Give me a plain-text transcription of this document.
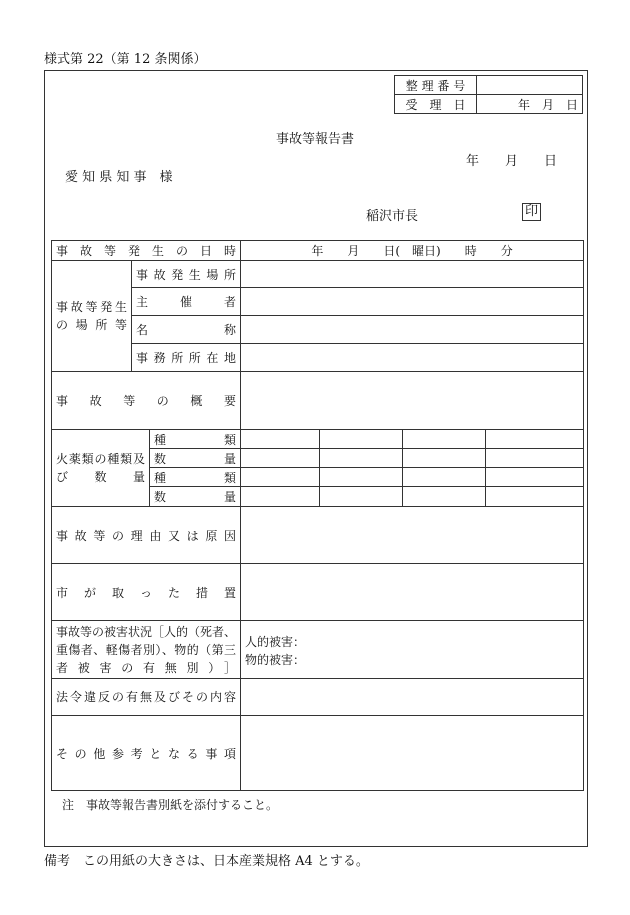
様式第 22（第 12 条関係）
整 理 番 号	
受　理　日	年　月　日
事故等報告書
年　　月　　日
愛 知 県 知 事　様
稲沢市長	印
事故等発生の日時			年　　月　　日(　曜日)　　時　　分			
事故等発生の場所等	事故発生場所					
	主　催　者					
	名　　　称					
	事務所所在地					
事故等の概要						
火薬類の種類及び数量		種　　　類				
		数　　　量				
		種　　　類				
		数　　　量				
事故等の理由又は原因						
市が取った措置						
事故等の被害状況［人的（死者、重傷者、軽傷者別）、物的（第三者被害の有無別）］			人的被害：
物的被害：			

法令違反の有無及びその内容						
その他参考となる事項						
注　事故等報告書別紙を添付すること。
備考　この用紙の大きさは、日本産業規格 A4 とする。
